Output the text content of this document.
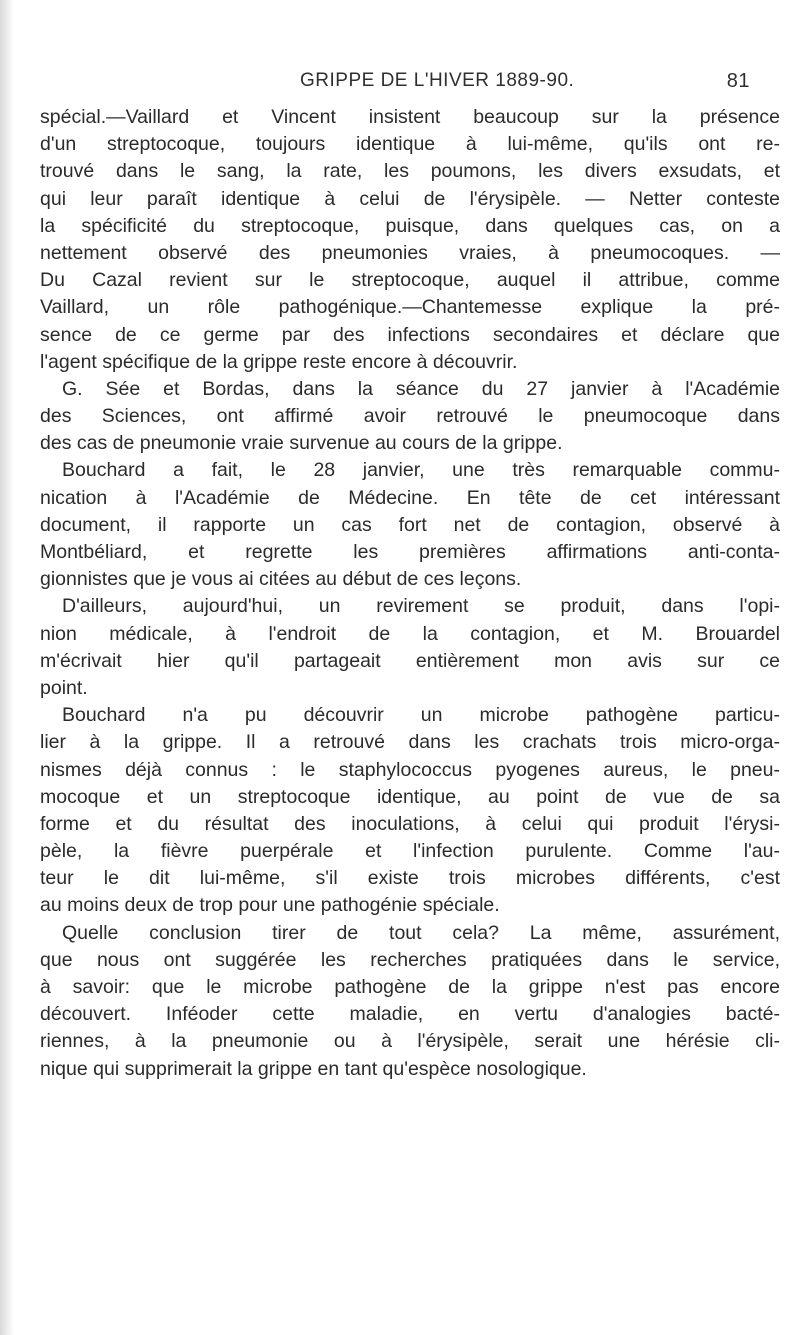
GRIPPE DE L'HIVER 1889-90.	81
spécial.—Vaillard et Vincent insistent beaucoup sur la présence
d'un streptocoque, toujours identique à lui-même, qu'ils ont re-
trouvé dans le sang, la rate, les poumons, les divers exsudats, et
qui leur paraît identique à celui de l'érysipèle. — Netter conteste
la spécificité du streptocoque, puisque, dans quelques cas, on a
nettement observé des pneumonies vraies, à pneumocoques. —
Du Cazal revient sur le streptocoque, auquel il attribue, comme
Vaillard, un rôle pathogénique.—Chantemesse explique la pré-
sence de ce germe par des infections secondaires et déclare que
l'agent spécifique de la grippe reste encore à découvrir.
G. Sée et Bordas, dans la séance du 27 janvier à l'Académie
des Sciences, ont affirmé avoir retrouvé le pneumocoque dans
des cas de pneumonie vraie survenue au cours de la grippe.
Bouchard a fait, le 28 janvier, une très remarquable commu-
nication à l'Académie de Médecine. En tête de cet intéressant
document, il rapporte un cas fort net de contagion, observé à
Montbéliard, et regrette les premières affirmations anti-conta-
gionnistes que je vous ai citées au début de ces leçons.
D'ailleurs, aujourd'hui, un revirement se produit, dans l'opi-
nion médicale, à l'endroit de la contagion, et M. Brouardel
m'écrivait hier qu'il partageait entièrement mon avis sur ce
point.
Bouchard n'a pu découvrir un microbe pathogène particu-
lier à la grippe. Il a retrouvé dans les crachats trois micro-orga-
nismes déjà connus : le staphylococcus pyogenes aureus, le pneu-
mocoque et un streptocoque identique, au point de vue de sa
forme et du résultat des inoculations, à celui qui produit l'érysi-
pèle, la fièvre puerpérale et l'infection purulente. Comme l'au-
teur le dit lui-même, s'il existe trois microbes différents, c'est
au moins deux de trop pour une pathogénie spéciale.
Quelle conclusion tirer de tout cela? La même, assurément,
que nous ont suggérée les recherches pratiquées dans le service,
à savoir: que le microbe pathogène de la grippe n'est pas encore
découvert. Inféoder cette maladie, en vertu d'analogies bacté-
riennes, à la pneumonie ou à l'érysipèle, serait une hérésie cli-
nique qui supprimerait la grippe en tant qu'espèce nosologique.
